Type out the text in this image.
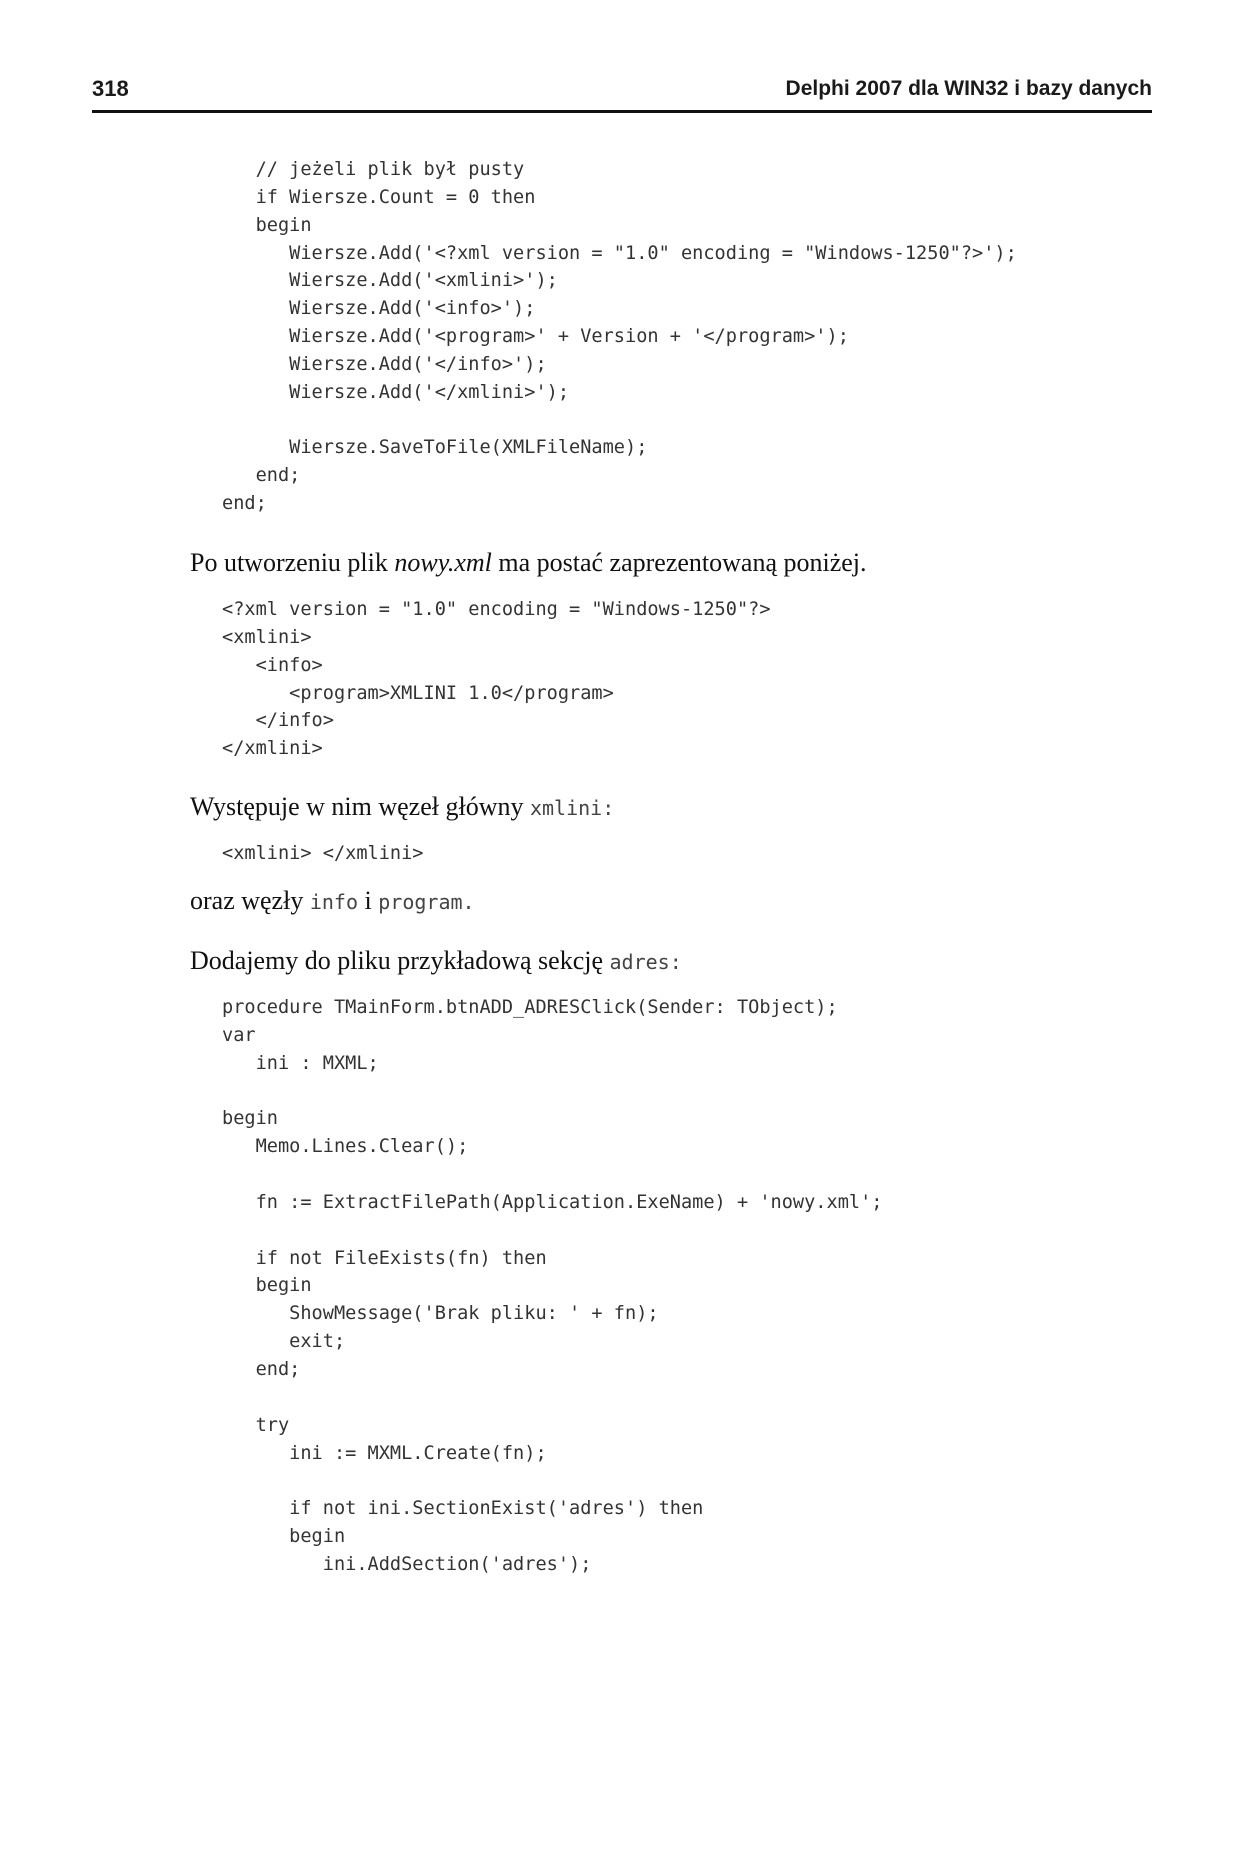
318	Delphi 2007 dla WIN32 i bazy danych
// jeżeli plik był pusty
if Wiersze.Count = 0 then
begin
Wiersze.Add('<?xml version = "1.0" encoding = "Windows-1250"?>');
Wiersze.Add('<xmlini>');
Wiersze.Add('<info>');
Wiersze.Add('<program>' + Version + '</program>');
Wiersze.Add('</info>');
Wiersze.Add('</xmlini>');
Wiersze.SaveToFile(XMLFileName);
end;
end;

Po utworzeniu plik nowy.xml ma postać zaprezentowaną poniżej.

<?xml version = "1.0" encoding = "Windows-1250"?>
<xmlini>
<info>
<program>XMLINI 1.0</program>
</info>
</xmlini>

Występuje w nim węzeł główny xmlini:

<xmlini> </xmlini>

oraz węzły info i program.

Dodajemy do pliku przykładową sekcję adres:

procedure TMainForm.btnADD_ADRESClick(Sender: TObject);
var
ini : MXML;
begin
Memo.Lines.Clear();
fn := ExtractFilePath(Application.ExeName) + 'nowy.xml';
if not FileExists(fn) then
begin
ShowMessage('Brak pliku: ' + fn);
exit;
end;
try
ini := MXML.Create(fn);
if not ini.SectionExist('adres') then
begin
ini.AddSection('adres');
